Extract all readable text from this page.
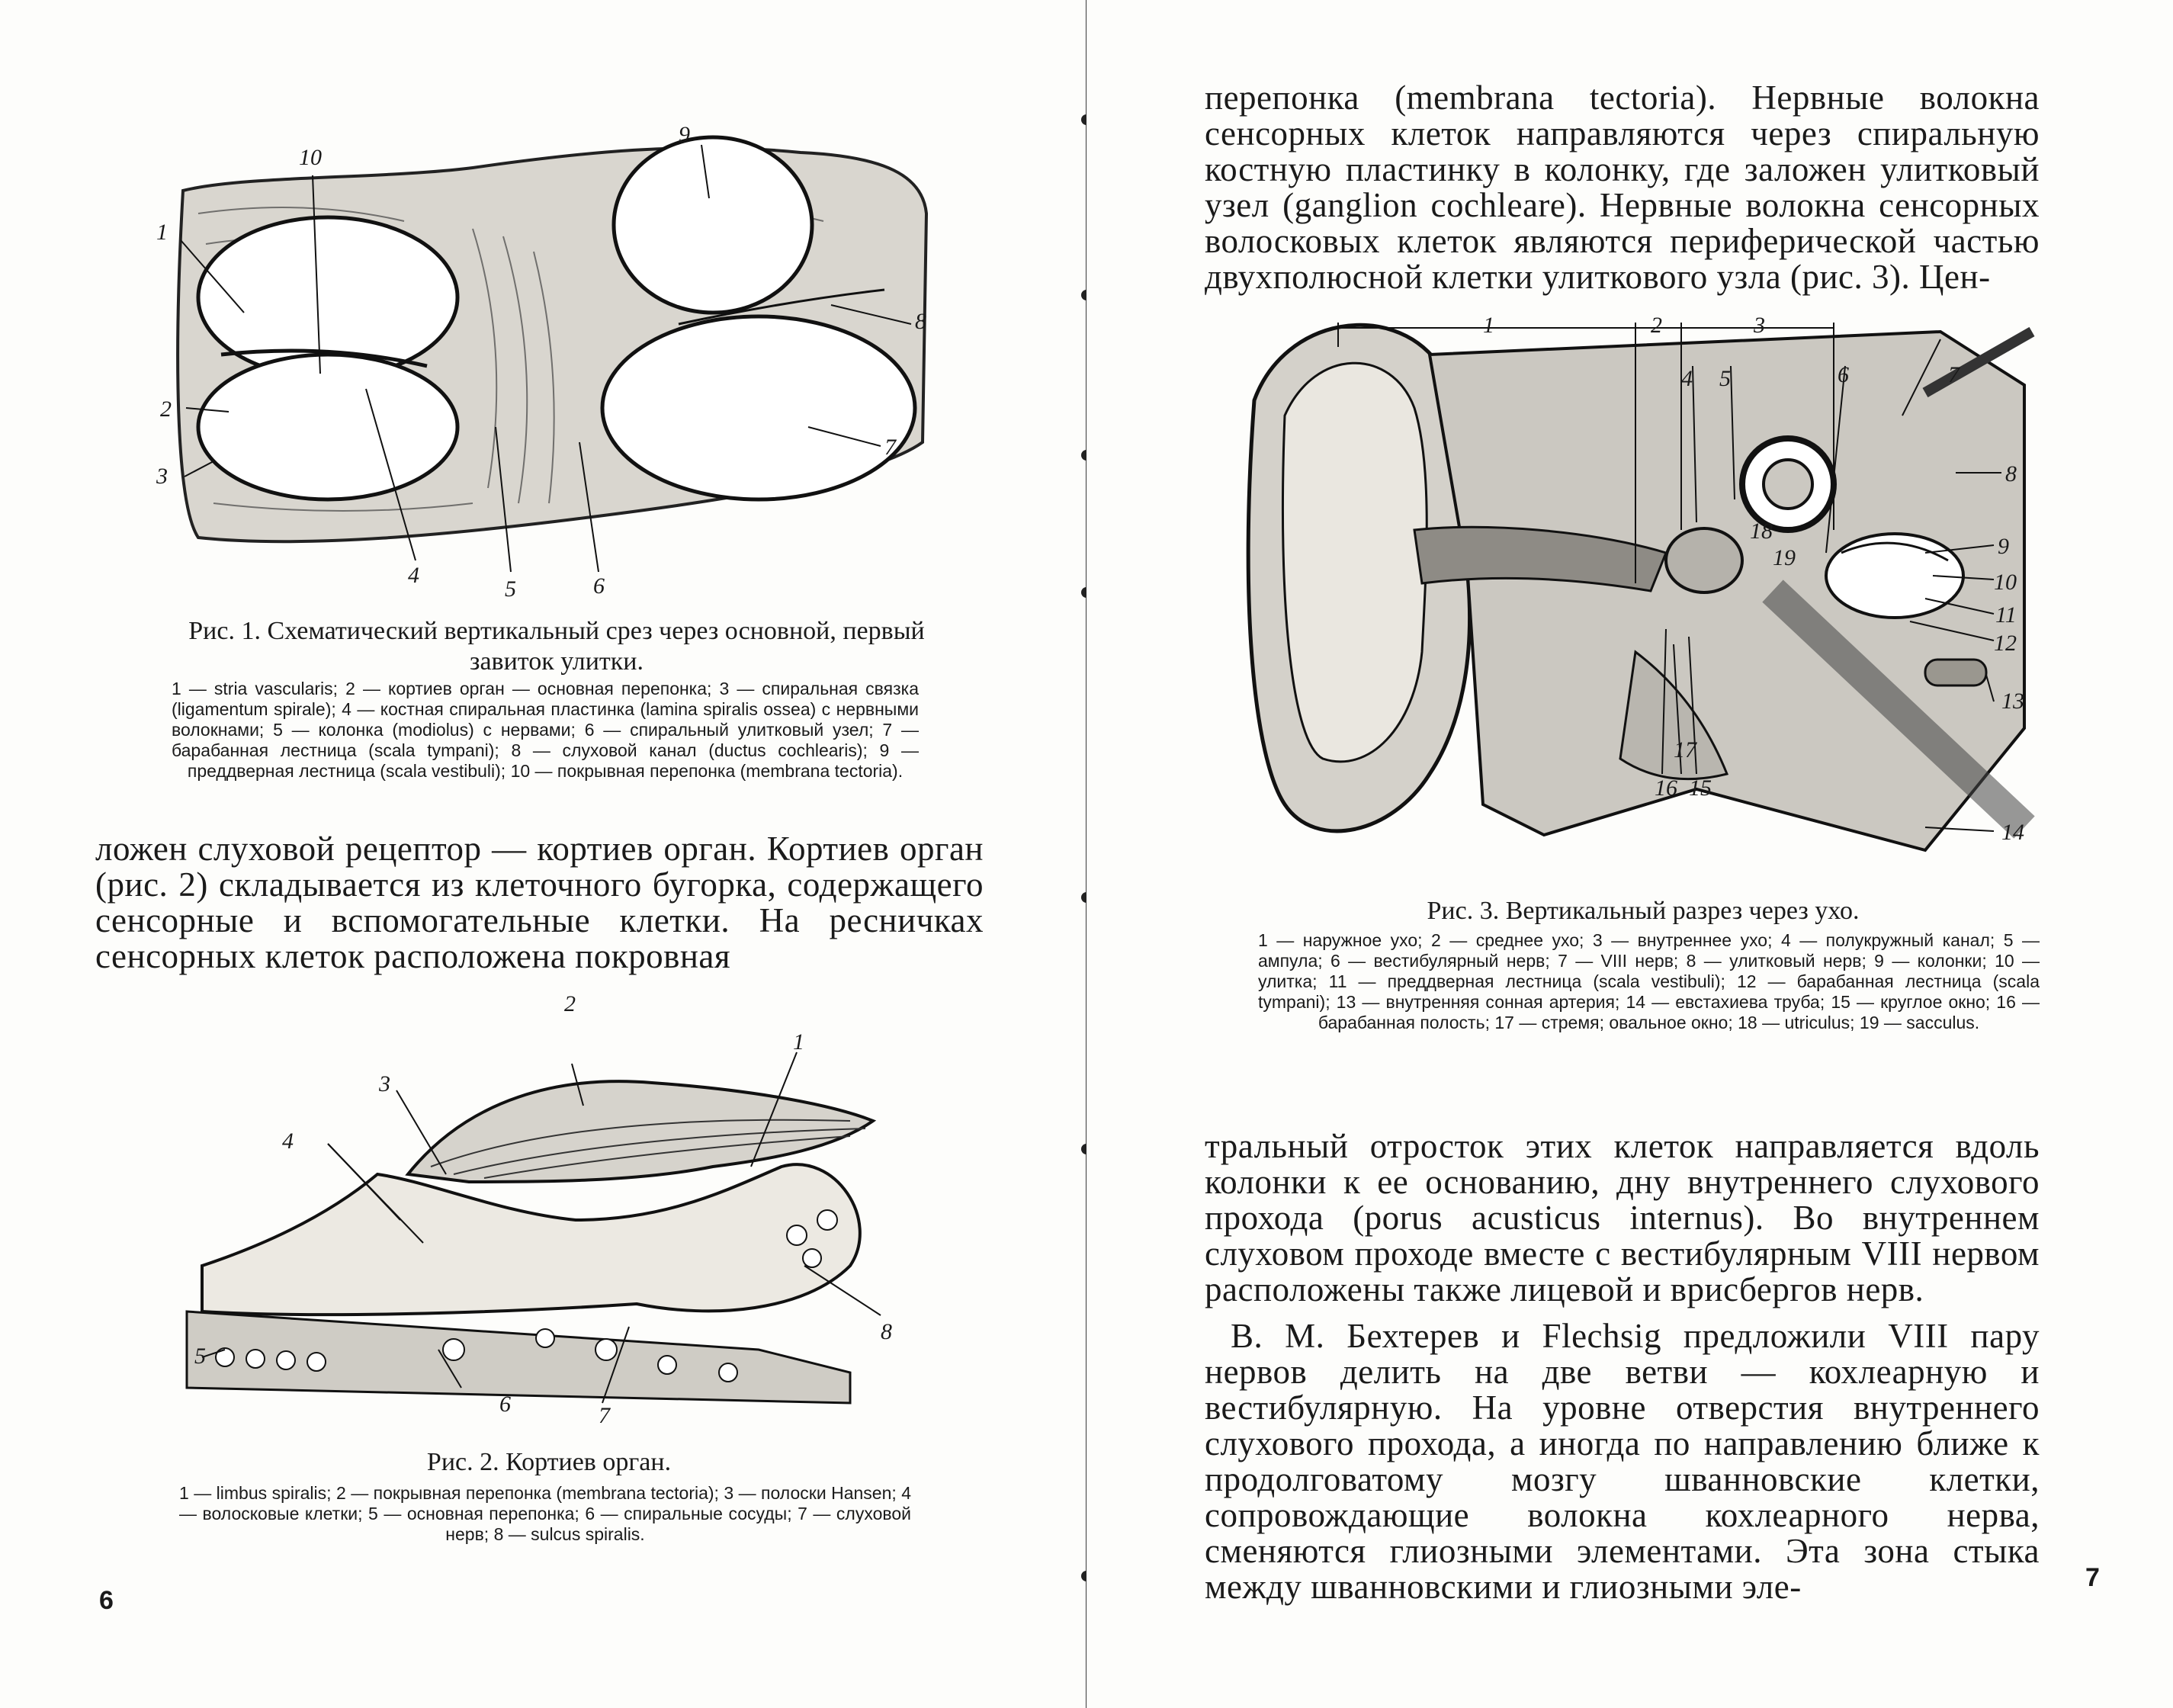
1
2
3
4
5	6
7
8
9
10
Рис. 1. Схематический вертикальный срез через основной, первый завиток улитки.
1 — stria vascularis; 2 — кортиев орган — основная перепонка; 3 — спиральная связка (ligamentum spirale); 4 — костная спиральная пластинка (lamina spiralis ossea) с нервными волокнами; 5 — колонка (modiolus) с нервами; 6 — спиральный улитковый узел; 7 — барабанная лестница (scala tympani); 8 — слуховой канал (ductus cochlearis); 9 — преддверная лестница (scala vestibuli); 10 — покрывная перепонка (membrana tectoria).

ложен слуховой рецептор — кортиев орган. Кортиев орган (рис. 2) складывается из клеточного бугорка, содержащего сенсорные и вспомогательные клетки. На ресничках сенсорных клеток расположена покровная

1
2
3
4
5
6	7
8
Рис. 2. Кортиев орган.
1 — limbus spiralis; 2 — покрывная перепонка (membrana tectoria); 3 — полоски Hansen; 4 — волосковые клетки; 5 — основная перепонка; 6 — спиральные сосуды; 7 — слуховой нерв; 8 — sulcus spiralis.
6

перепонка (membrana tectoria). Нервные волокна сенсорных клеток направляются через спиральную костную пластинку в колонку, где заложен улитковый узел (ganglion cochleare). Нервные волокна сенсорных волосковых клеток являются периферической частью двухполюсной клетки улиткового узла (рис. 3). Цен-

1	2	3
4 5	6	7
8
9
10
11
12
13
14
15
16
17
18
19
Рис. 3. Вертикальный разрез через ухо.
1 — наружное ухо; 2 — среднее ухо; 3 — внутреннее ухо; 4 — полукружный канал; 5 — ампула; 6 — вестибулярный нерв; 7 — VIII нерв; 8 — улитковый нерв; 9 — колонки; 10 — улитка; 11 — преддверная лестница (scala vestibuli); 12 — барабанная лестница (scala tympani); 13 — внутренняя сонная артерия; 14 — евстахиева труба; 15 — круглое окно; 16 — барабанная полость; 17 — стремя; овальное окно; 18 — utriculus; 19 — sacculus.

тральный отросток этих клеток направляется вдоль колонки к ее основанию, дну внутреннего слухового прохода (porus acusticus internus). Во внутреннем слуховом проходе вместе с вестибулярным VIII нервом расположены также лицевой и врисбергов нерв.

В. М. Бехтерев и Flechsig предложили VIII пару нервов делить на две ветви — кохлеарную и вестибулярную. На уровне отверстия внутреннего слухового прохода, а иногда по направлению ближе к продолговатому мозгу шванновские клетки, сопровождающие волокна кохлеарного нерва, сменяются глиозными элементами. Эта зона стыка между шванновскими и глиозными эле-	7
